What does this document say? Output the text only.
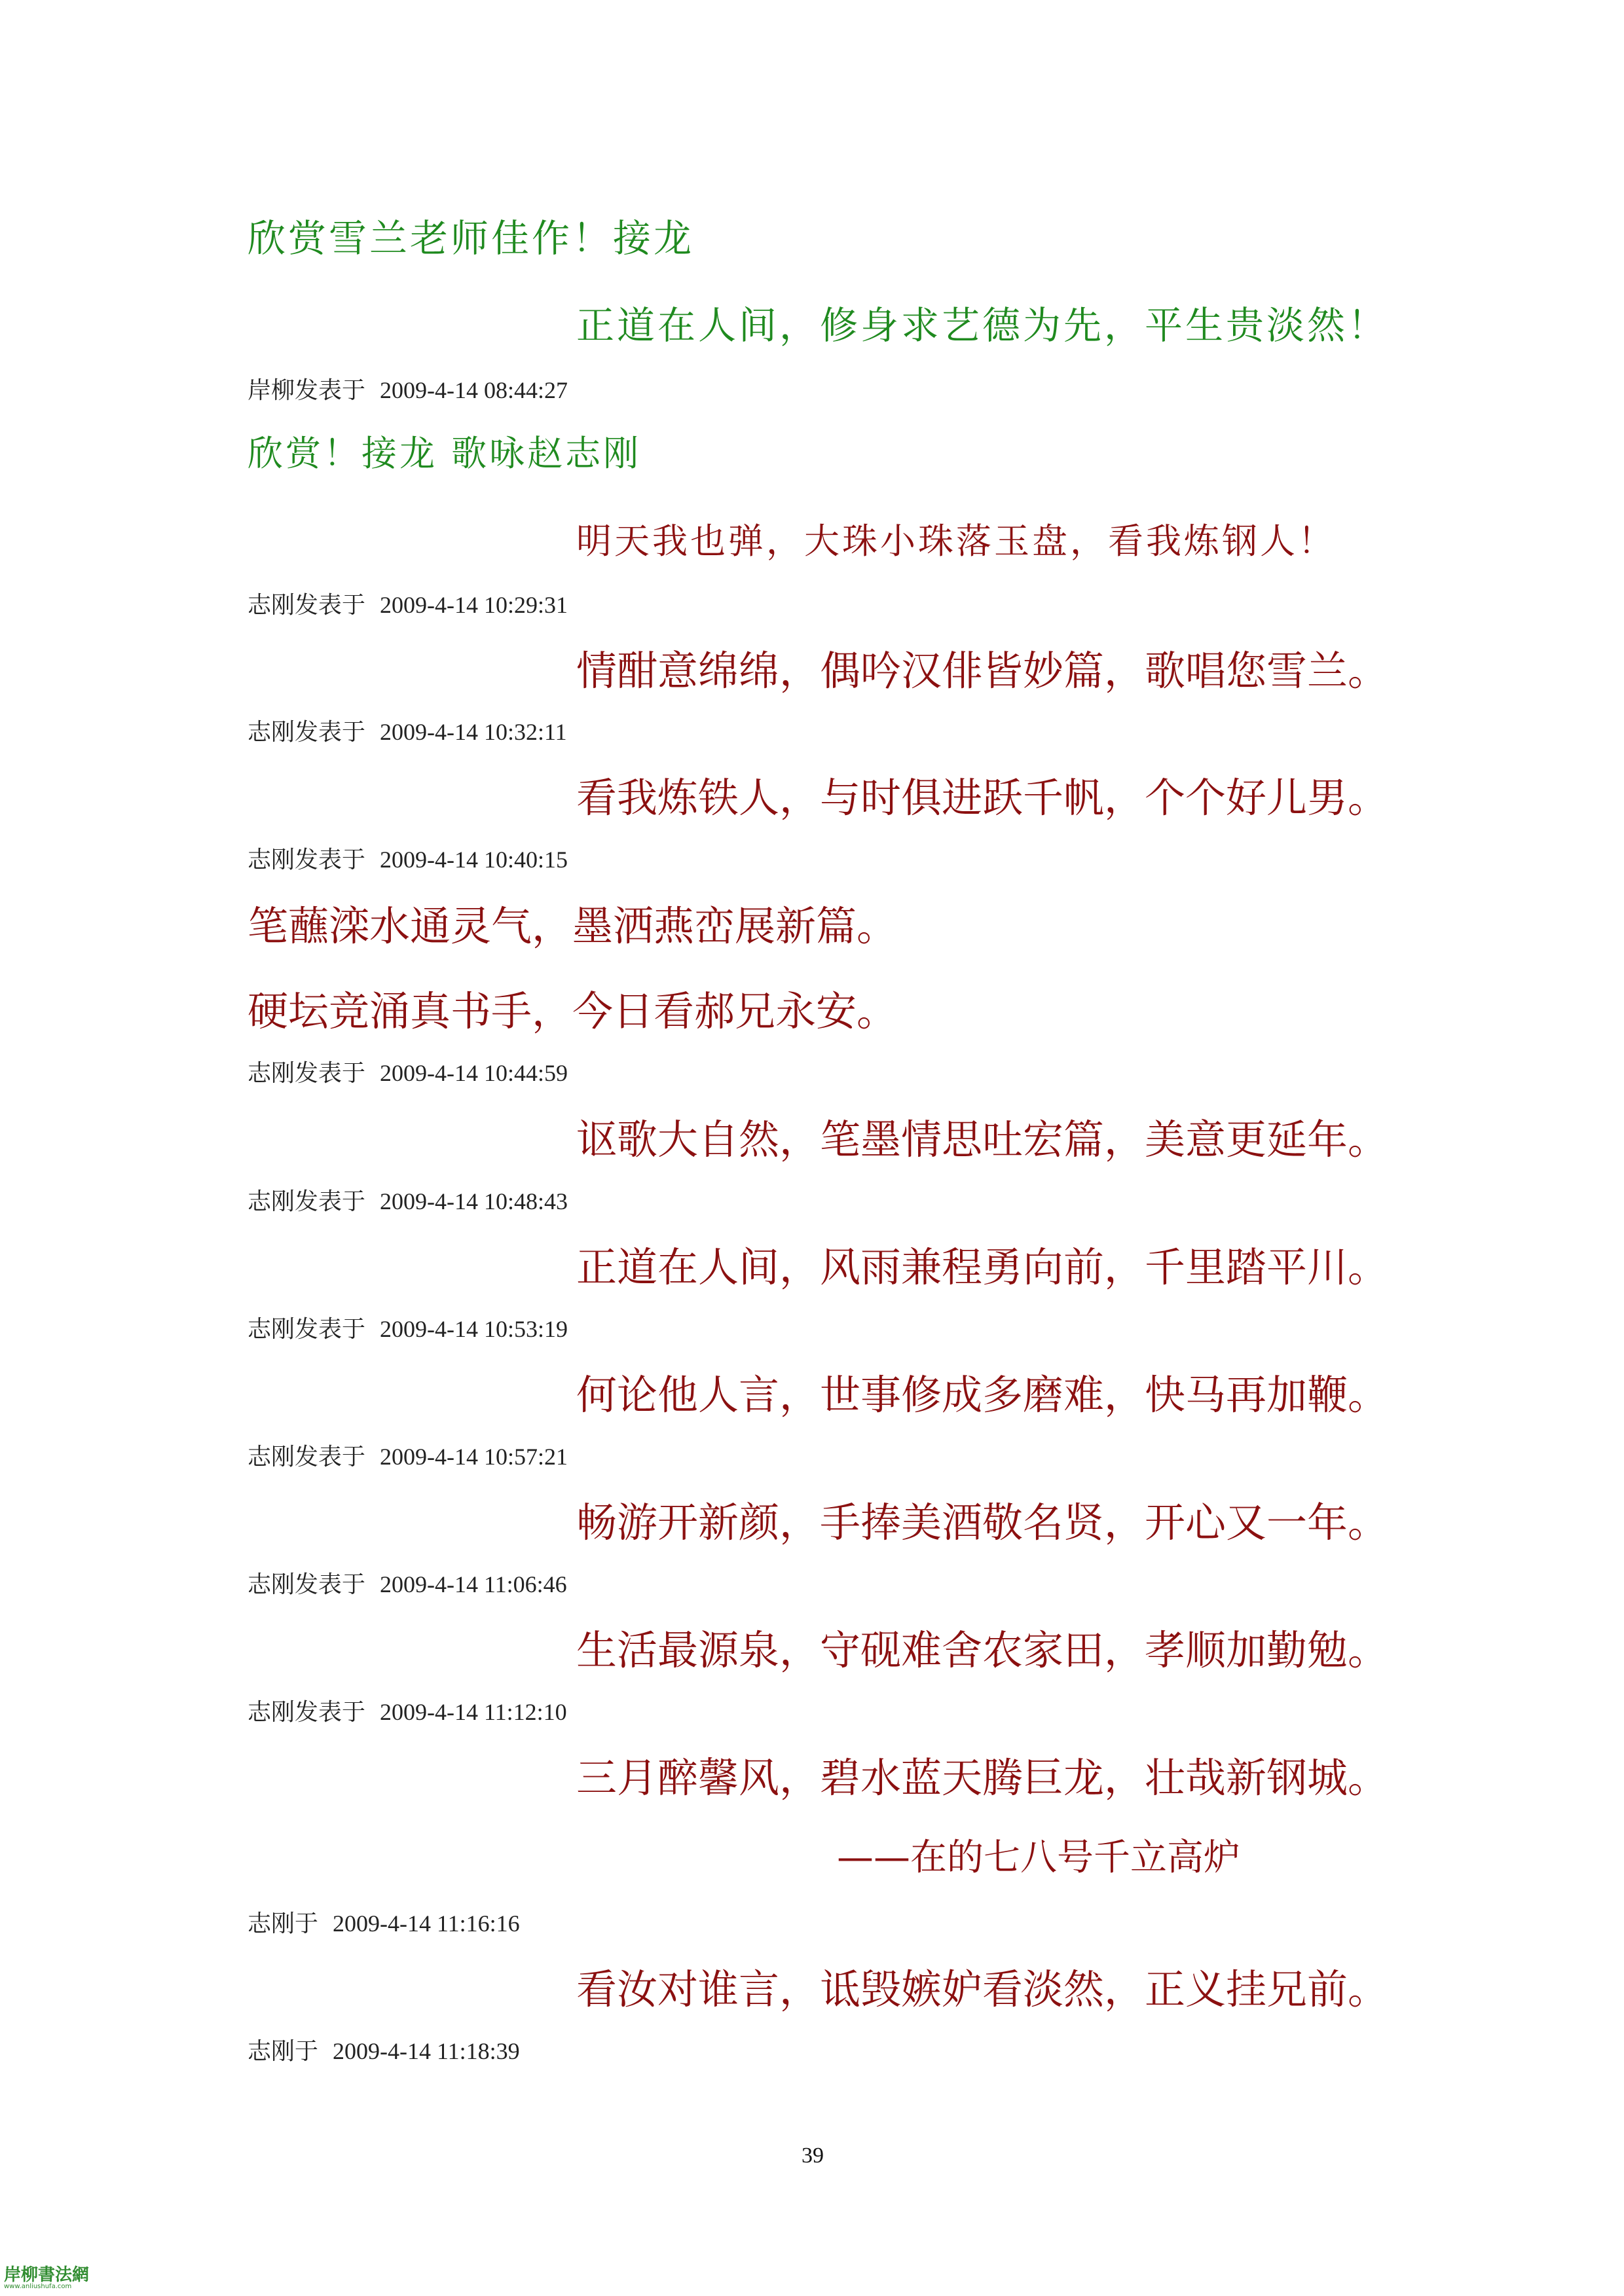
欣赏雪兰老师佳作！接龙
正道在人间，修身求艺德为先，平生贵淡然！
岸柳发表于 2009-4-14 08:44:27
欣赏！接龙 歌咏赵志刚
明天我也弹，大珠小珠落玉盘，看我炼钢人！
志刚发表于 2009-4-14 10:29:31
情酣意绵绵，偶吟汉俳皆妙篇，歌唱您雪兰。
志刚发表于 2009-4-14 10:32:11
看我炼铁人，与时俱进跃千帆，个个好儿男。
志刚发表于 2009-4-14 10:40:15
笔蘸滦水通灵气，墨洒燕峦展新篇。
硬坛竞涌真书手，今日看郝兄永安。
志刚发表于 2009-4-14 10:44:59
讴歌大自然，笔墨情思吐宏篇，美意更延年。
志刚发表于 2009-4-14 10:48:43
正道在人间，风雨兼程勇向前，千里踏平川。
志刚发表于 2009-4-14 10:53:19
何论他人言，世事修成多磨难，快马再加鞭。
志刚发表于 2009-4-14 10:57:21
畅游开新颜，手捧美酒敬名贤，开心又一年。
志刚发表于 2009-4-14 11:06:46
生活最源泉，守砚难舍农家田，孝顺加勤勉。
志刚发表于 2009-4-14 11:12:10
三月醉馨风，碧水蓝天腾巨龙，壮哉新钢城。
——在的七八号千立高炉
志刚于 2009-4-14 11:16:16
看汝对谁言，诋毁嫉妒看淡然，正义挂兄前。
志刚于 2009-4-14 11:18:39
39
岸柳書法網
www.anliushufa.com
